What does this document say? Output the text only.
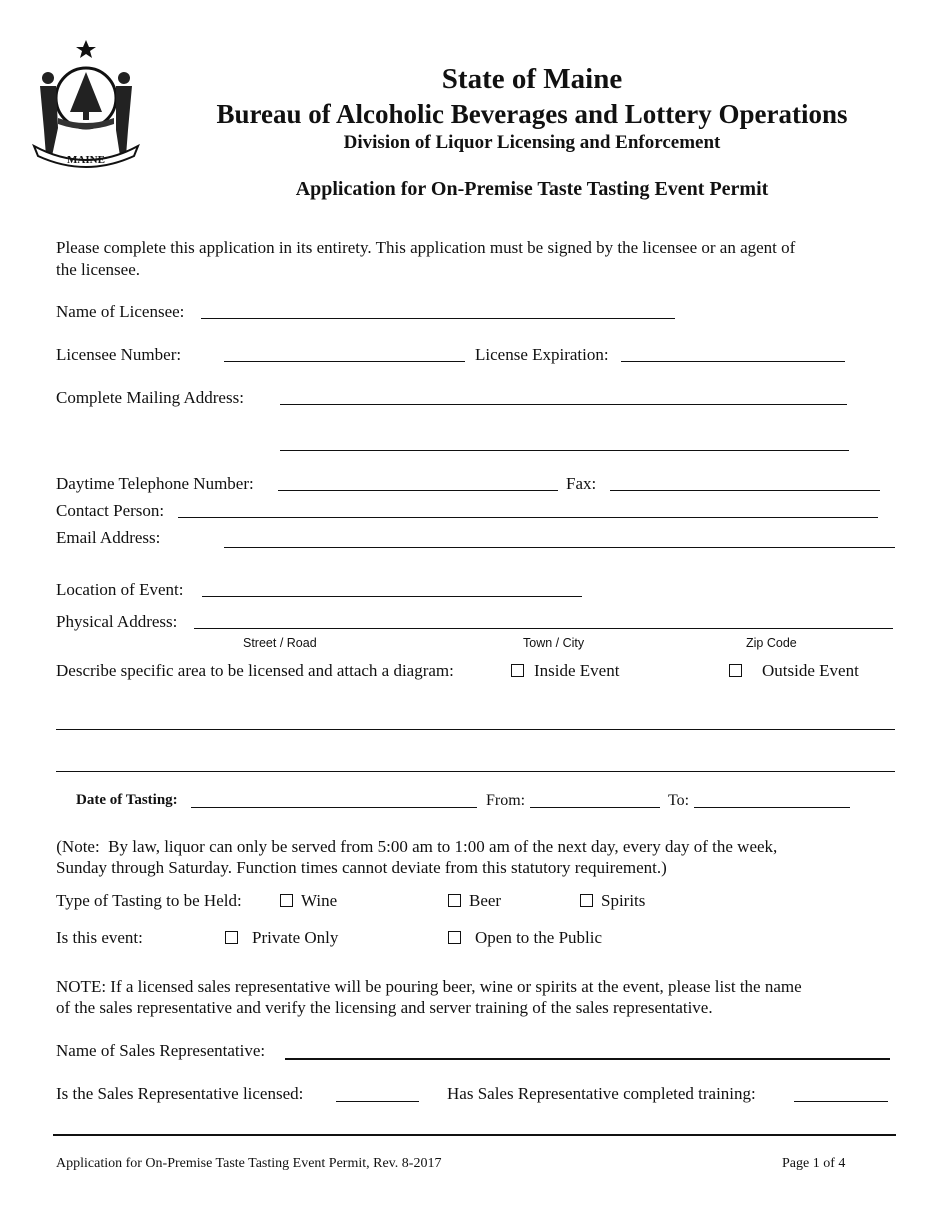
MAINE
State of Maine
Bureau of Alcoholic Beverages and Lottery Operations
Division of Liquor Licensing and Enforcement
Application for On-Premise Taste Tasting Event Permit
Please complete this application in its entirety. This application must be signed by the licensee or an agent of
the licensee.
Name of Licensee:
Licensee Number:	License Expiration:
Complete Mailing Address:
Daytime Telephone Number:	Fax:
Contact Person:
Email Address:
Location of Event:
Physical Address:
Street / Road	Town / City	Zip Code
Describe specific area to be licensed and attach a diagram:	Inside Event	Outside Event
Date of Tasting:	From:	To:
(Note:  By law, liquor can only be served from 5:00 am to 1:00 am of the next day, every day of the week,
Sunday through Saturday. Function times cannot deviate from this statutory requirement.)
Type of Tasting to be Held:	Wine	Beer	Spirits
Is this event:	Private Only	Open to the Public
NOTE: If a licensed sales representative will be pouring beer, wine or spirits at the event, please list the name
of the sales representative and verify the licensing and server training of the sales representative.
Name of Sales Representative:
Is the Sales Representative licensed:	Has Sales Representative completed training:
Application for On-Premise Taste Tasting Event Permit, Rev. 8-2017	Page 1 of 4
